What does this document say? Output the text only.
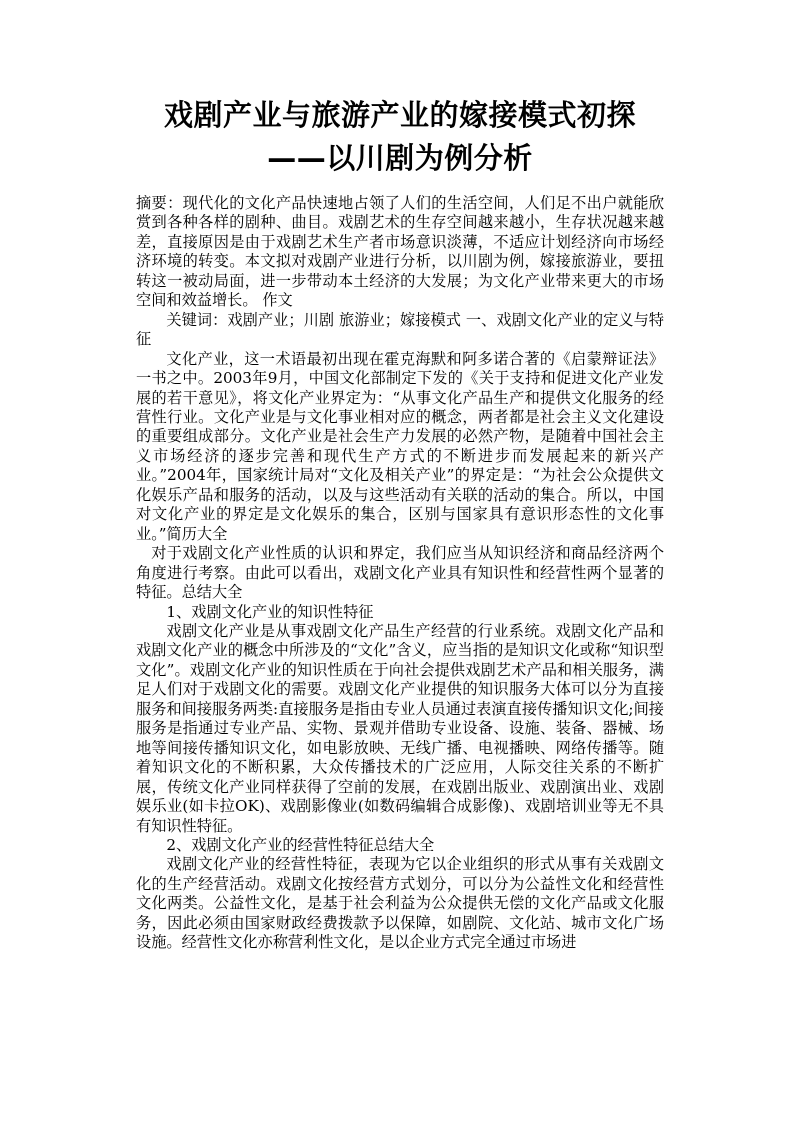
戏剧产业与旅游产业的嫁接模式初探
——以川剧为例分析

摘要：现代化的文化产品快速地占领了人们的生活空间，人们足不出户就能欣赏到各种各样的剧种、曲目。戏剧艺术的生存空间越来越小，生存状况越来越差，直接原因是由于戏剧艺术生产者市场意识淡薄，不适应计划经济向市场经济环境的转变。本文拟对戏剧产业进行分析，以川剧为例，嫁接旅游业，要扭转这一被动局面，进一步带动本土经济的大发展；为文化产业带来更大的市场空间和效益增长。 作文

关键词：戏剧产业；川剧 旅游业；嫁接模式 一、戏剧文化产业的定义与特征

文化产业，这一术语最初出现在霍克海默和阿多诺合著的《启蒙辩证法》一书之中。2003年9月，中国文化部制定下发的《关于支持和促进文化产业发展的若干意见》，将文化产业界定为：“从事文化产品生产和提供文化服务的经营性行业。文化产业是与文化事业相对应的概念，两者都是社会主义文化建设的重要组成部分。文化产业是社会生产力发展的必然产物，是随着中国社会主义市场经济的逐步完善和现代生产方式的不断进步而发展起来的新兴产业。”2004年，国家统计局对“文化及相关产业”的界定是：“为社会公众提供文化娱乐产品和服务的活动，以及与这些活动有关联的活动的集合。所以，中国对文化产业的界定是文化娱乐的集合，区别与国家具有意识形态性的文化事业。”简历大全

对于戏剧文化产业性质的认识和界定，我们应当从知识经济和商品经济两个角度进行考察。由此可以看出，戏剧文化产业具有知识性和经营性两个显著的特征。总结大全

1、戏剧文化产业的知识性特征

戏剧文化产业是从事戏剧文化产品生产经营的行业系统。戏剧文化产品和戏剧文化产业的概念中所涉及的“文化”含义，应当指的是知识文化或称“知识型文化”。戏剧文化产业的知识性质在于向社会提供戏剧艺术产品和相关服务，满足人们对于戏剧文化的需要。戏剧文化产业提供的知识服务大体可以分为直接服务和间接服务两类:直接服务是指由专业人员通过表演直接传播知识文化;间接服务是指通过专业产品、实物、景观并借助专业设备、设施、装备、器械、场地等间接传播知识文化，如电影放映、无线广播、电视播映、网络传播等。随着知识文化的不断积累，大众传播技术的广泛应用，人际交往关系的不断扩展，传统文化产业同样获得了空前的发展，在戏剧出版业、戏剧演出业、戏剧娱乐业(如卡拉OK)、戏剧影像业(如数码编辑合成影像)、戏剧培训业等无不具有知识性特征。

2、戏剧文化产业的经营性特征总结大全

戏剧文化产业的经营性特征，表现为它以企业组织的形式从事有关戏剧文化的生产经营活动。戏剧文化按经营方式划分，可以分为公益性文化和经营性文化两类。公益性文化，是基于社会利益为公众提供无偿的文化产品或文化服务，因此必须由国家财政经费拨款予以保障，如剧院、文化站、城市文化广场设施。经营性文化亦称营利性文化，是以企业方式完全通过市场进
